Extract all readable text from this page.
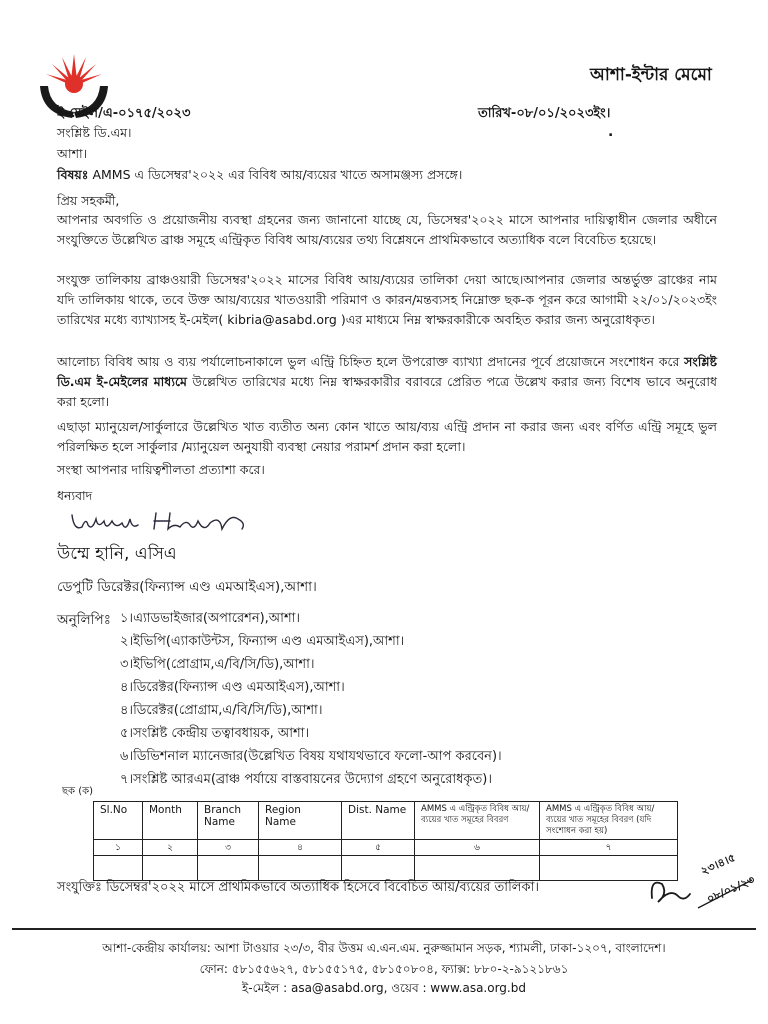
আশা-ইন্টার মেমো
ই-মেইল/এ-০১৭৫/২০২৩	তারিখ-০৮/০১/২০২৩ইং।
.
সংশ্লিষ্ট ডি.এম।
আশা।
বিষয়ঃ AMMS এ ডিসেম্বর'২০২২ এর বিবিধ আয়/ব্যয়ের খাতে অসামঞ্জস্য প্রসঙ্গে।
প্রিয় সহকর্মী,
আপনার অবগতি ও প্রয়োজনীয় ব্যবস্থা গ্রহনের জন্য জানানো যাচ্ছে যে, ডিসেম্বর'২০২২ মাসে আপনার দায়িত্বাধীন জেলার অধীনে সংযুক্তিতে উল্লেখিত ব্রাঞ্চ সমূহে এন্ট্রিকৃত বিবিধ আয়/ব্যয়ের তথ্য বিশ্লেষনে প্রাথমিকভাবে অত্যাধিক বলে বিবেচিত হয়েছে।
সংযুক্ত তালিকায় ব্রাঞ্চওয়ারী ডিসেম্বর'২০২২ মাসের বিবিধ আয়/ব্যয়ের তালিকা দেয়া আছে।আপনার জেলার অন্তর্ভুক্ত ব্রাঞ্চের নাম যদি তালিকায় থাকে, তবে উক্ত আয়/ব্যয়ের খাতওয়ারী পরিমাণ ও কারন/মন্তব্যসহ নিম্নোক্ত ছক-ক পূরন করে আগামী ২২/০১/২০২৩ইং তারিখের মধ্যে ব্যাখ্যাসহ ই-মেইল( kibria@asabd.org )এর মাধ্যমে নিম্ন স্বাক্ষরকারীকে অবহিত করার জন্য অনুরোধকৃত।
আলোচ্য বিবিধ আয় ও ব্যয় পর্যালোচনাকালে ভুল এন্ট্রি চিহ্নিত হলে উপরোক্ত ব্যাখ্যা প্রদানের পূর্বে প্রয়োজনে সংশোধন করে সংশ্লিষ্ট ডি.এম ই-মেইলের মাধ্যমে উল্লেখিত তারিখের মধ্যে নিম্ন স্বাক্ষরকারীর বরাবরে প্রেরিত পত্রে উল্লেখ করার জন্য বিশেষ ভাবে অনুরোধ করা হলো।
এছাড়া ম্যানুয়েল/সার্কুলারে উল্লেখিত খাত ব্যতীত অন্য কোন খাতে আয়/ব্যয় এন্ট্রি প্রদান না করার জন্য এবং বর্ণিত এন্ট্রি সমূহে ভুল পরিলক্ষিত হলে সার্কুলার /ম্যানুয়েল অনুযায়ী ব্যবস্থা নেয়ার পরামর্শ প্রদান করা হলো।
সংস্থা আপনার দায়িত্বশীলতা প্রত্যাশা করে।
ধন্যবাদ
উম্মে হানি, এসিএ
ডেপুটি ডিরেক্টর(ফিন্যান্স এণ্ড এমআইএস),আশা।
অনুলিপিঃ ১।এ্যাডভাইজার(অপারেশন),আশা।
২।ইভিপি(এ্যাকাউন্টস, ফিন্যান্স এণ্ড এমআইএস),আশা।
৩।ইভিপি(প্রোগ্রাম,এ/বি/সি/ডি),আশা।
৪।ডিরেক্টর(ফিন্যান্স এণ্ড এমআইএস),আশা।
৪।ডিরেক্টর(প্রোগ্রাম,এ/বি/সি/ডি),আশা।
৫।সংশ্লিষ্ট কেন্দ্রীয় তত্বাবধায়ক, আশা।
৬।ডিভিশনাল ম্যানেজার(উল্লেখিত বিষয় যথাযথভাবে ফলো-আপ করবেন)।
৭।সংশ্লিষ্ট আরএম(ব্রাঞ্চ পর্যায়ে বাস্তবায়নের উদ্যোগ গ্রহণে অনুরোধকৃত)।
ছক (ক)
Sl.No	Month	Branch Name	Region Name	Dist. Name	AMMS এ এন্ট্রিকৃত বিবিধ আয়/ব্যয়ের খাত সমূহের বিবরণ	AMMS এ এন্ট্রিকৃত বিবিধ আয়/ব্যয়ের খাত সমূহের বিবরণ (যদি সংশোধন করা হয়)
১	২	৩	৪	৫	৬	৭

২৩।৪।৫
০৮/০১/২৩
সংযুক্তিঃ ডিসেম্বর'২০২২ মাসে প্রাথমিকভাবে অত্যাধিক হিসেবে বিবেচিত আয়/ব্যয়ের তালিকা।
আশা-কেন্দ্রীয় কার্যালয়: আশা টাওয়ার ২৩/৩, বীর উত্তম এ.এন.এম. নুরুজ্জামান সড়ক, শ্যামলী, ঢাকা-১২০৭, বাংলাদেশ।
ফোন: ৫৮১৫৫৬২৭, ৫৮১৫৫১৭৫, ৫৮১৫০৮০৪, ফ্যাক্স: ৮৮০-২-৯১২১৮৬১
ই-মেইল : asa@asabd.org, ওয়েব : www.asa.org.bd
